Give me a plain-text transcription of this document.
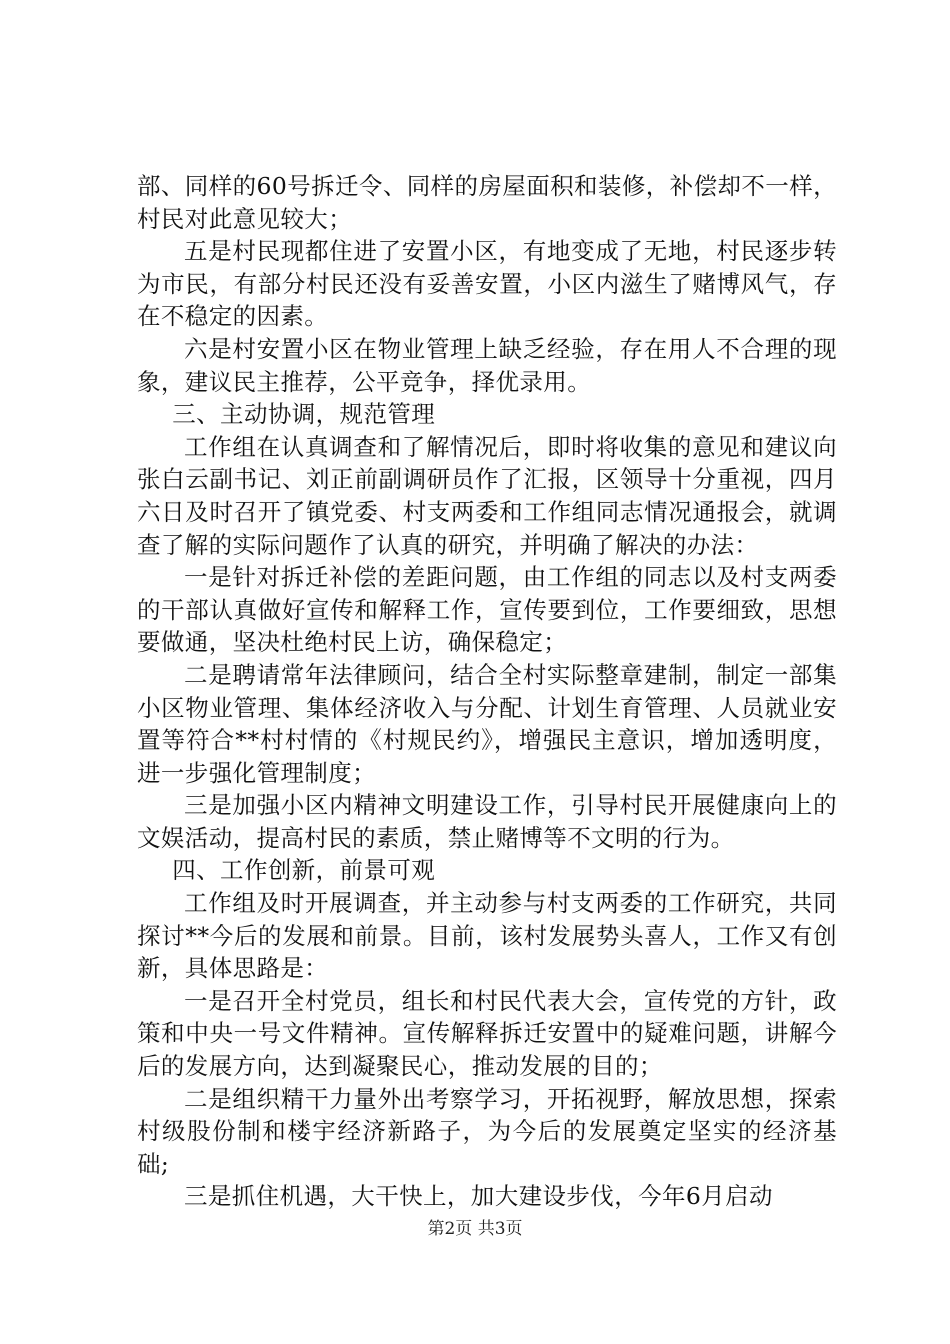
部、同样的60号拆迁令、同样的房屋面积和装修，补偿却不一样，村民对此意见较大；

五是村民现都住进了安置小区，有地变成了无地，村民逐步转为市民，有部分村民还没有妥善安置，小区内滋生了赌博风气，存在不稳定的因素。

六是村安置小区在物业管理上缺乏经验，存在用人不合理的现象，建议民主推荐，公平竞争，择优录用。

三、主动协调，规范管理

工作组在认真调查和了解情况后，即时将收集的意见和建议向张白云副书记、刘正前副调研员作了汇报，区领导十分重视，四月六日及时召开了镇党委、村支两委和工作组同志情况通报会，就调查了解的实际问题作了认真的研究，并明确了解决的办法：

一是针对拆迁补偿的差距问题，由工作组的同志以及村支两委的干部认真做好宣传和解释工作，宣传要到位，工作要细致，思想要做通，坚决杜绝村民上访，确保稳定；

二是聘请常年法律顾问，结合全村实际整章建制，制定一部集小区物业管理、集体经济收入与分配、计划生育管理、人员就业安置等符合**村村情的《村规民约》，增强民主意识，增加透明度，进一步强化管理制度；

三是加强小区内精神文明建设工作，引导村民开展健康向上的文娱活动，提高村民的素质，禁止赌博等不文明的行为。

四、工作创新，前景可观

工作组及时开展调查，并主动参与村支两委的工作研究，共同探讨**今后的发展和前景。目前，该村发展势头喜人，工作又有创新，具体思路是：

一是召开全村党员，组长和村民代表大会，宣传党的方针，政策和中央一号文件精神。宣传解释拆迁安置中的疑难问题，讲解今后的发展方向，达到凝聚民心，推动发展的目的；

二是组织精干力量外出考察学习，开拓视野，解放思想，探索村级股份制和楼宇经济新路子，为今后的发展奠定坚实的经济基础;

三是抓住机遇，大干快上，加大建设步伐，今年6月启动

第2页 共3页
